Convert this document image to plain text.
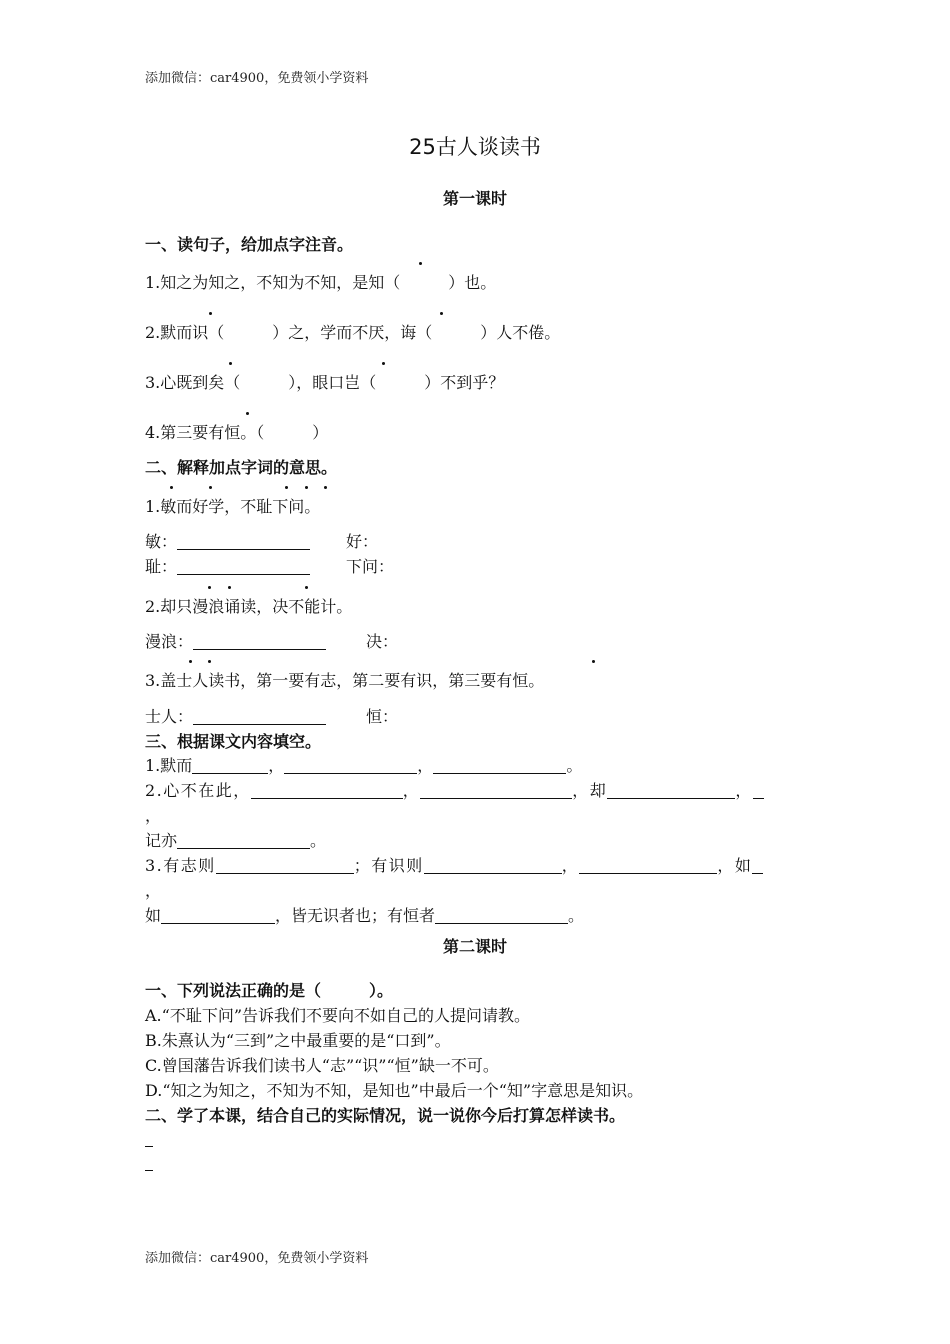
添加微信：car4900，免费领小学资料
25古人谈读书
第一课时
一、读句子，给加点字注音。
1.知之为知之，不知为不知，是知（	）也。
2.默而识（	）之，学而不厌，诲（	）人不倦。
3.心既到矣（	），眼口岂（	）不到乎？
4.第三要有恒。（	）
二、解释加点字词的意思。
1.敏而好学，不耻下问。
敏：	好：
耻：	下问：
2.却只漫浪诵读，决不能计。
漫浪：	决：
3.盖士人读书，第一要有志，第二要有识，第三要有恒。
士人：	恒：
三、根据课文内容填空。
1.默而	，	，	。
2.心不在此，	，	，却	，
，
记亦	。
3.有志则	；有识则	，	，如
，
如	，皆无识者也；有恒者	。
第二课时
一、下列说法正确的是（	）。
A.“不耻下问”告诉我们不要向不如自己的人提问请教。
B.朱熹认为“三到”之中最重要的是“口到”。
C.曾国藩告诉我们读书人“志”“识”“恒”缺一不可。
D.“知之为知之，不知为不知，是知也”中最后一个“知”字意思是知识。
二、学了本课，结合自己的实际情况，说一说你今后打算怎样读书。
添加微信：car4900，免费领小学资料
